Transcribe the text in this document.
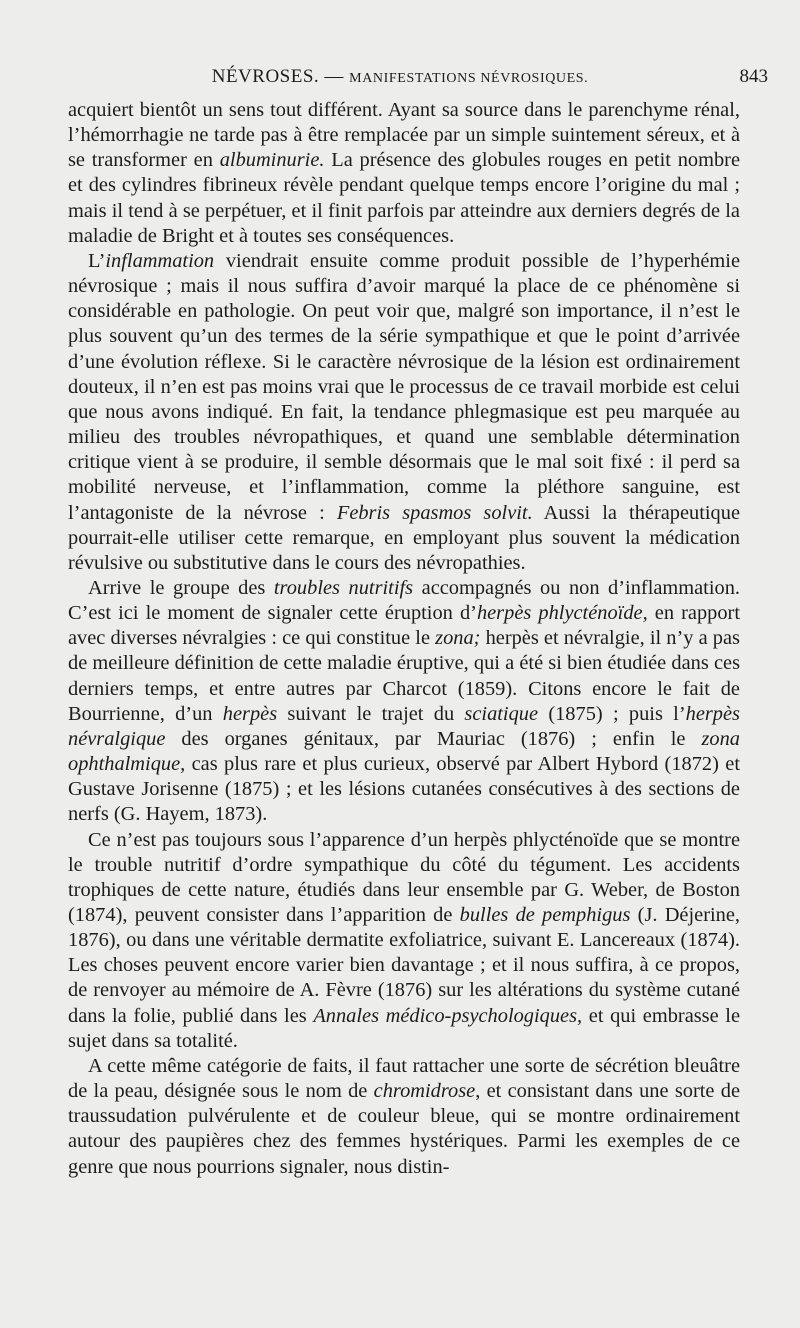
NÉVROSES. — MANIFESTATIONS NÉVROSIQUES.	843

acquiert bientôt un sens tout différent. Ayant sa source dans le parenchyme rénal, l’hémorrhagie ne tarde pas à être remplacée par un simple suintement séreux, et à se transformer en albuminurie. La présence des globules rouges en petit nombre et des cylindres fibrineux révèle pendant quelque temps encore l’origine du mal ; mais il tend à se perpétuer, et il finit parfois par atteindre aux derniers degrés de la maladie de Bright et à toutes ses conséquences.

L’inflammation viendrait ensuite comme produit possible de l’hyperhémie névrosique ; mais il nous suffira d’avoir marqué la place de ce phénomène si considérable en pathologie. On peut voir que, malgré son importance, il n’est le plus souvent qu’un des termes de la série sympathique et que le point d’arrivée d’une évolution réflexe. Si le caractère névrosique de la lésion est ordinairement douteux, il n’en est pas moins vrai que le processus de ce travail morbide est celui que nous avons indiqué. En fait, la tendance phlegmasique est peu marquée au milieu des troubles névropathiques, et quand une semblable détermination critique vient à se produire, il semble désormais que le mal soit fixé : il perd sa mobilité nerveuse, et l’inflammation, comme la pléthore sanguine, est l’antagoniste de la névrose : Febris spasmos solvit. Aussi la thérapeutique pourrait-elle utiliser cette remarque, en employant plus souvent la médication révulsive ou substitutive dans le cours des névropathies.

Arrive le groupe des troubles nutritifs accompagnés ou non d’inflammation. C’est ici le moment de signaler cette éruption d’herpès phlycténoïde, en rapport avec diverses névralgies : ce qui constitue le zona; herpès et névralgie, il n’y a pas de meilleure définition de cette maladie éruptive, qui a été si bien étudiée dans ces derniers temps, et entre autres par Charcot (1859). Citons encore le fait de Bourrienne, d’un herpès suivant le trajet du sciatique (1875) ; puis l’herpès névralgique des organes génitaux, par Mauriac (1876) ; enfin le zona ophthalmique, cas plus rare et plus curieux, observé par Albert Hybord (1872) et Gustave Jorisenne (1875) ; et les lésions cutanées consécutives à des sections de nerfs (G. Hayem, 1873).

Ce n’est pas toujours sous l’apparence d’un herpès phlycténoïde que se montre le trouble nutritif d’ordre sympathique du côté du tégument. Les accidents trophiques de cette nature, étudiés dans leur ensemble par G. Weber, de Boston (1874), peuvent consister dans l’apparition de bulles de pemphigus (J. Déjerine, 1876), ou dans une véritable dermatite exfoliatrice, suivant E. Lancereaux (1874). Les choses peuvent encore varier bien davantage ; et il nous suffira, à ce propos, de renvoyer au mémoire de A. Fèvre (1876) sur les altérations du système cutané dans la folie, publié dans les Annales médico-psychologiques, et qui embrasse le sujet dans sa totalité.

A cette même catégorie de faits, il faut rattacher une sorte de sécrétion bleuâtre de la peau, désignée sous le nom de chromidrose, et consistant dans une sorte de traussudation pulvérulente et de couleur bleue, qui se montre ordinairement autour des paupières chez des femmes hystériques. Parmi les exemples de ce genre que nous pourrions signaler, nous distin-
